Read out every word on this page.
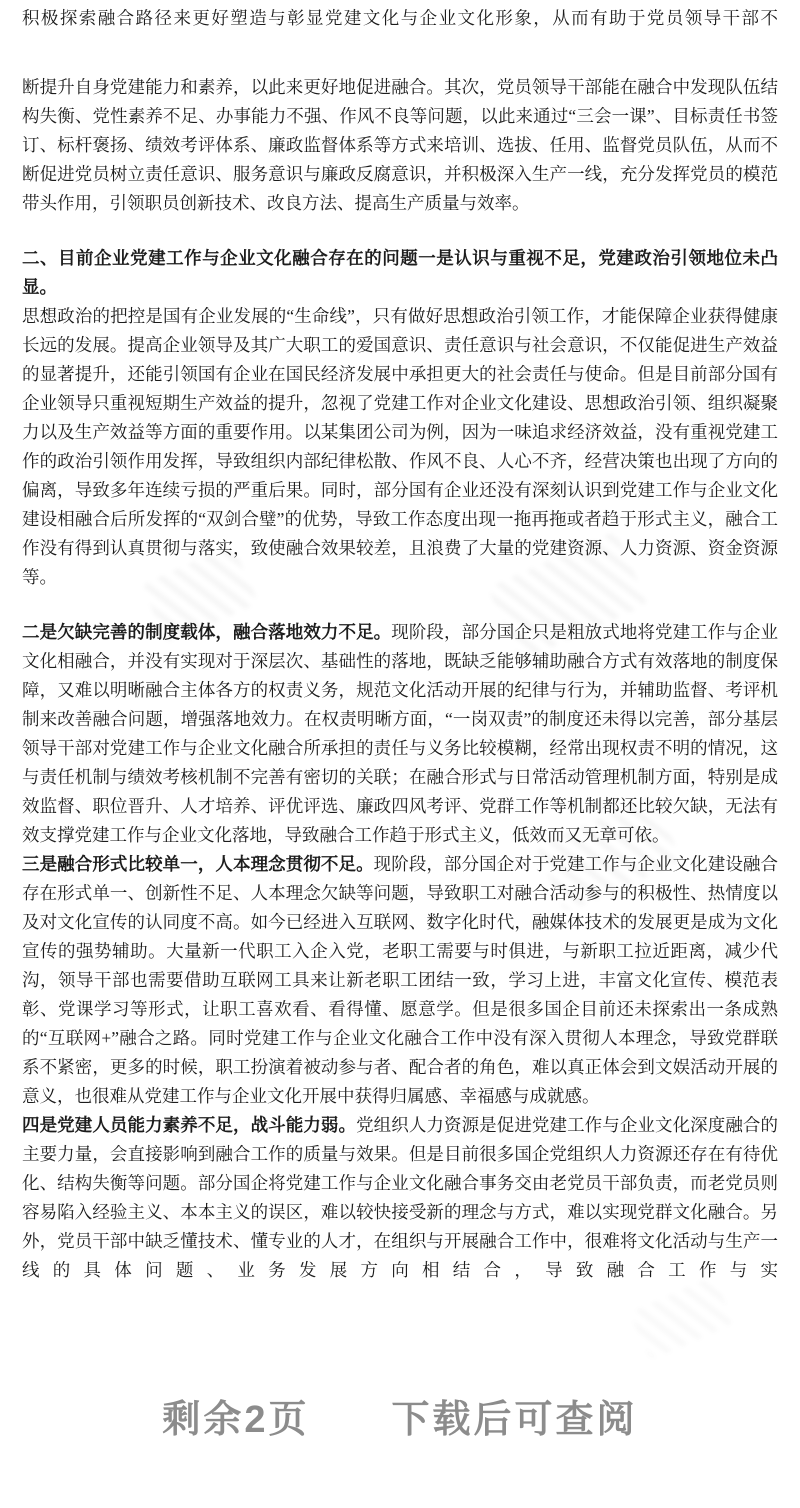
积极探索融合路径来更好塑造与彰显党建文化与企业文化形象，从而有助于党员领导干部不

断提升自身党建能力和素养，以此来更好地促进融合。其次，党员领导干部能在融合中发现队伍结构失衡、党性素养不足、办事能力不强、作风不良等问题，以此来通过“三会一课”、目标责任书签订、标杆褒扬、绩效考评体系、廉政监督体系等方式来培训、选拔、任用、监督党员队伍，从而不断促进党员树立责任意识、服务意识与廉政反腐意识，并积极深入生产一线，充分发挥党员的模范带头作用，引领职员创新技术、改良方法、提高生产质量与效率。

二、目前企业党建工作与企业文化融合存在的问题一是认识与重视不足，党建政治引领地位未凸显。

思想政治的把控是国有企业发展的“生命线”，只有做好思想政治引领工作，才能保障企业获得健康长远的发展。提高企业领导及其广大职工的爱国意识、责任意识与社会意识，不仅能促进生产效益的显著提升，还能引领国有企业在国民经济发展中承担更大的社会责任与使命。但是目前部分国有企业领导只重视短期生产效益的提升，忽视了党建工作对企业文化建设、思想政治引领、组织凝聚力以及生产效益等方面的重要作用。以某集团公司为例，因为一味追求经济效益，没有重视党建工作的政治引领作用发挥，导致组织内部纪律松散、作风不良、人心不齐，经营决策也出现了方向的偏离，导致多年连续亏损的严重后果。同时，部分国有企业还没有深刻认识到党建工作与企业文化建设相融合后所发挥的“双剑合璧”的优势，导致工作态度出现一拖再拖或者趋于形式主义，融合工作没有得到认真贯彻与落实，致使融合效果较差，且浪费了大量的党建资源、人力资源、资金资源等。

二是欠缺完善的制度载体，融合落地效力不足。现阶段，部分国企只是粗放式地将党建工作与企业文化相融合，并没有实现对于深层次、基础性的落地，既缺乏能够辅助融合方式有效落地的制度保障，又难以明晰融合主体各方的权责义务，规范文化活动开展的纪律与行为，并辅助监督、考评机制来改善融合问题，增强落地效力。在权责明晰方面，“一岗双责”的制度还未得以完善，部分基层领导干部对党建工作与企业文化融合所承担的责任与义务比较模糊，经常出现权责不明的情况，这与责任机制与绩效考核机制不完善有密切的关联；在融合形式与日常活动管理机制方面，特别是成效监督、职位晋升、人才培养、评优评选、廉政四风考评、党群工作等机制都还比较欠缺，无法有效支撑党建工作与企业文化落地，导致融合工作趋于形式主义，低效而又无章可依。

三是融合形式比较单一，人本理念贯彻不足。现阶段，部分国企对于党建工作与企业文化建设融合存在形式单一、创新性不足、人本理念欠缺等问题，导致职工对融合活动参与的积极性、热情度以及对文化宣传的认同度不高。如今已经进入互联网、数字化时代，融媒体技术的发展更是成为文化宣传的强势辅助。大量新一代职工入企入党，老职工需要与时俱进，与新职工拉近距离，减少代沟，领导干部也需要借助互联网工具来让新老职工团结一致，学习上进，丰富文化宣传、模范表彰、党课学习等形式，让职工喜欢看、看得懂、愿意学。但是很多国企目前还未探索出一条成熟的“互联网+”融合之路。同时党建工作与企业文化融合工作中没有深入贯彻人本理念，导致党群联系不紧密，更多的时候，职工扮演着被动参与者、配合者的角色，难以真正体会到文娱活动开展的意义，也很难从党建工作与企业文化开展中获得归属感、幸福感与成就感。

四是党建人员能力素养不足，战斗能力弱。党组织人力资源是促进党建工作与企业文化深度融合的主要力量，会直接影响到融合工作的质量与效果。但是目前很多国企党组织人力资源还存在有待优化、结构失衡等问题。部分国企将党建工作与企业文化融合事务交由老党员干部负责，而老党员则容易陷入经验主义、本本主义的误区，难以较快接受新的理念与方式，难以实现党群文化融合。另外，党员干部中缺乏懂技术、懂专业的人才，在组织与开展融合工作中，很难将文化活动与生产一线的具体问题、业务发展方向相结合，导致融合工作与实

剩余2页　　下载后可查阅
